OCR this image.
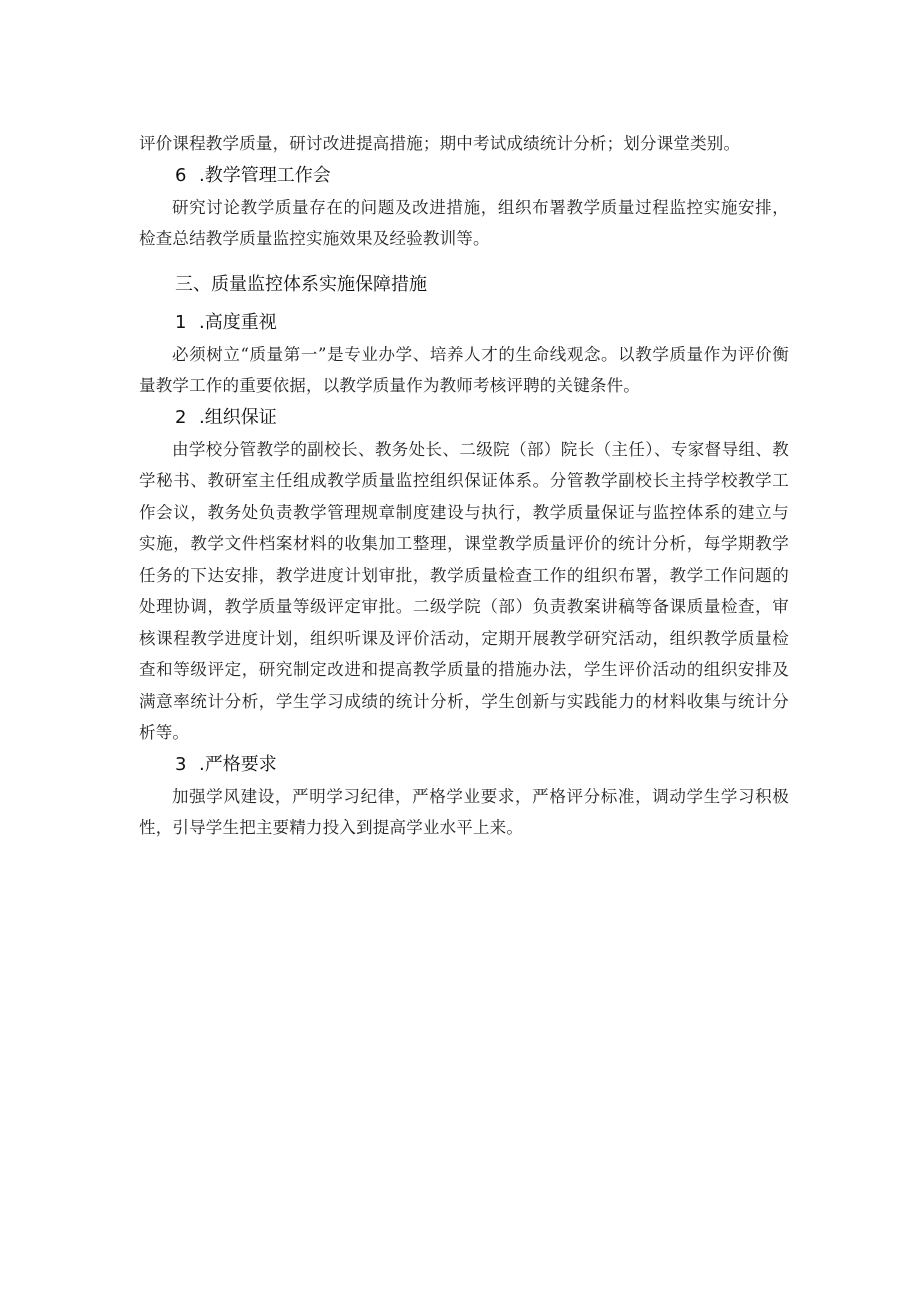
评价课程教学质量，研讨改进提高措施；期中考试成绩统计分析；划分课堂类别。

6 .教学管理工作会

研究讨论教学质量存在的问题及改进措施，组织布署教学质量过程监控实施安排，检查总结教学质量监控实施效果及经验教训等。

三、质量监控体系实施保障措施
1 .高度重视

必须树立“质量第一”是专业办学、培养人才的生命线观念。以教学质量作为评价衡量教学工作的重要依据，以教学质量作为教师考核评聘的关键条件。

2 .组织保证

由学校分管教学的副校长、教务处长、二级院（部）院长（主任）、专家督导组、教学秘书、教研室主任组成教学质量监控组织保证体系。分管教学副校长主持学校教学工作会议，教务处负责教学管理规章制度建设与执行，教学质量保证与监控体系的建立与实施，教学文件档案材料的收集加工整理，课堂教学质量评价的统计分析，每学期教学任务的下达安排，教学进度计划审批，教学质量检查工作的组织布署，教学工作问题的处理协调，教学质量等级评定审批。二级学院（部）负责教案讲稿等备课质量检查，审核课程教学进度计划，组织听课及评价活动，定期开展教学研究活动，组织教学质量检查和等级评定，研究制定改进和提高教学质量的措施办法，学生评价活动的组织安排及满意率统计分析，学生学习成绩的统计分析，学生创新与实践能力的材料收集与统计分析等。

3 .严格要求

加强学风建设，严明学习纪律，严格学业要求，严格评分标准，调动学生学习积极性，引导学生把主要精力投入到提高学业水平上来。
